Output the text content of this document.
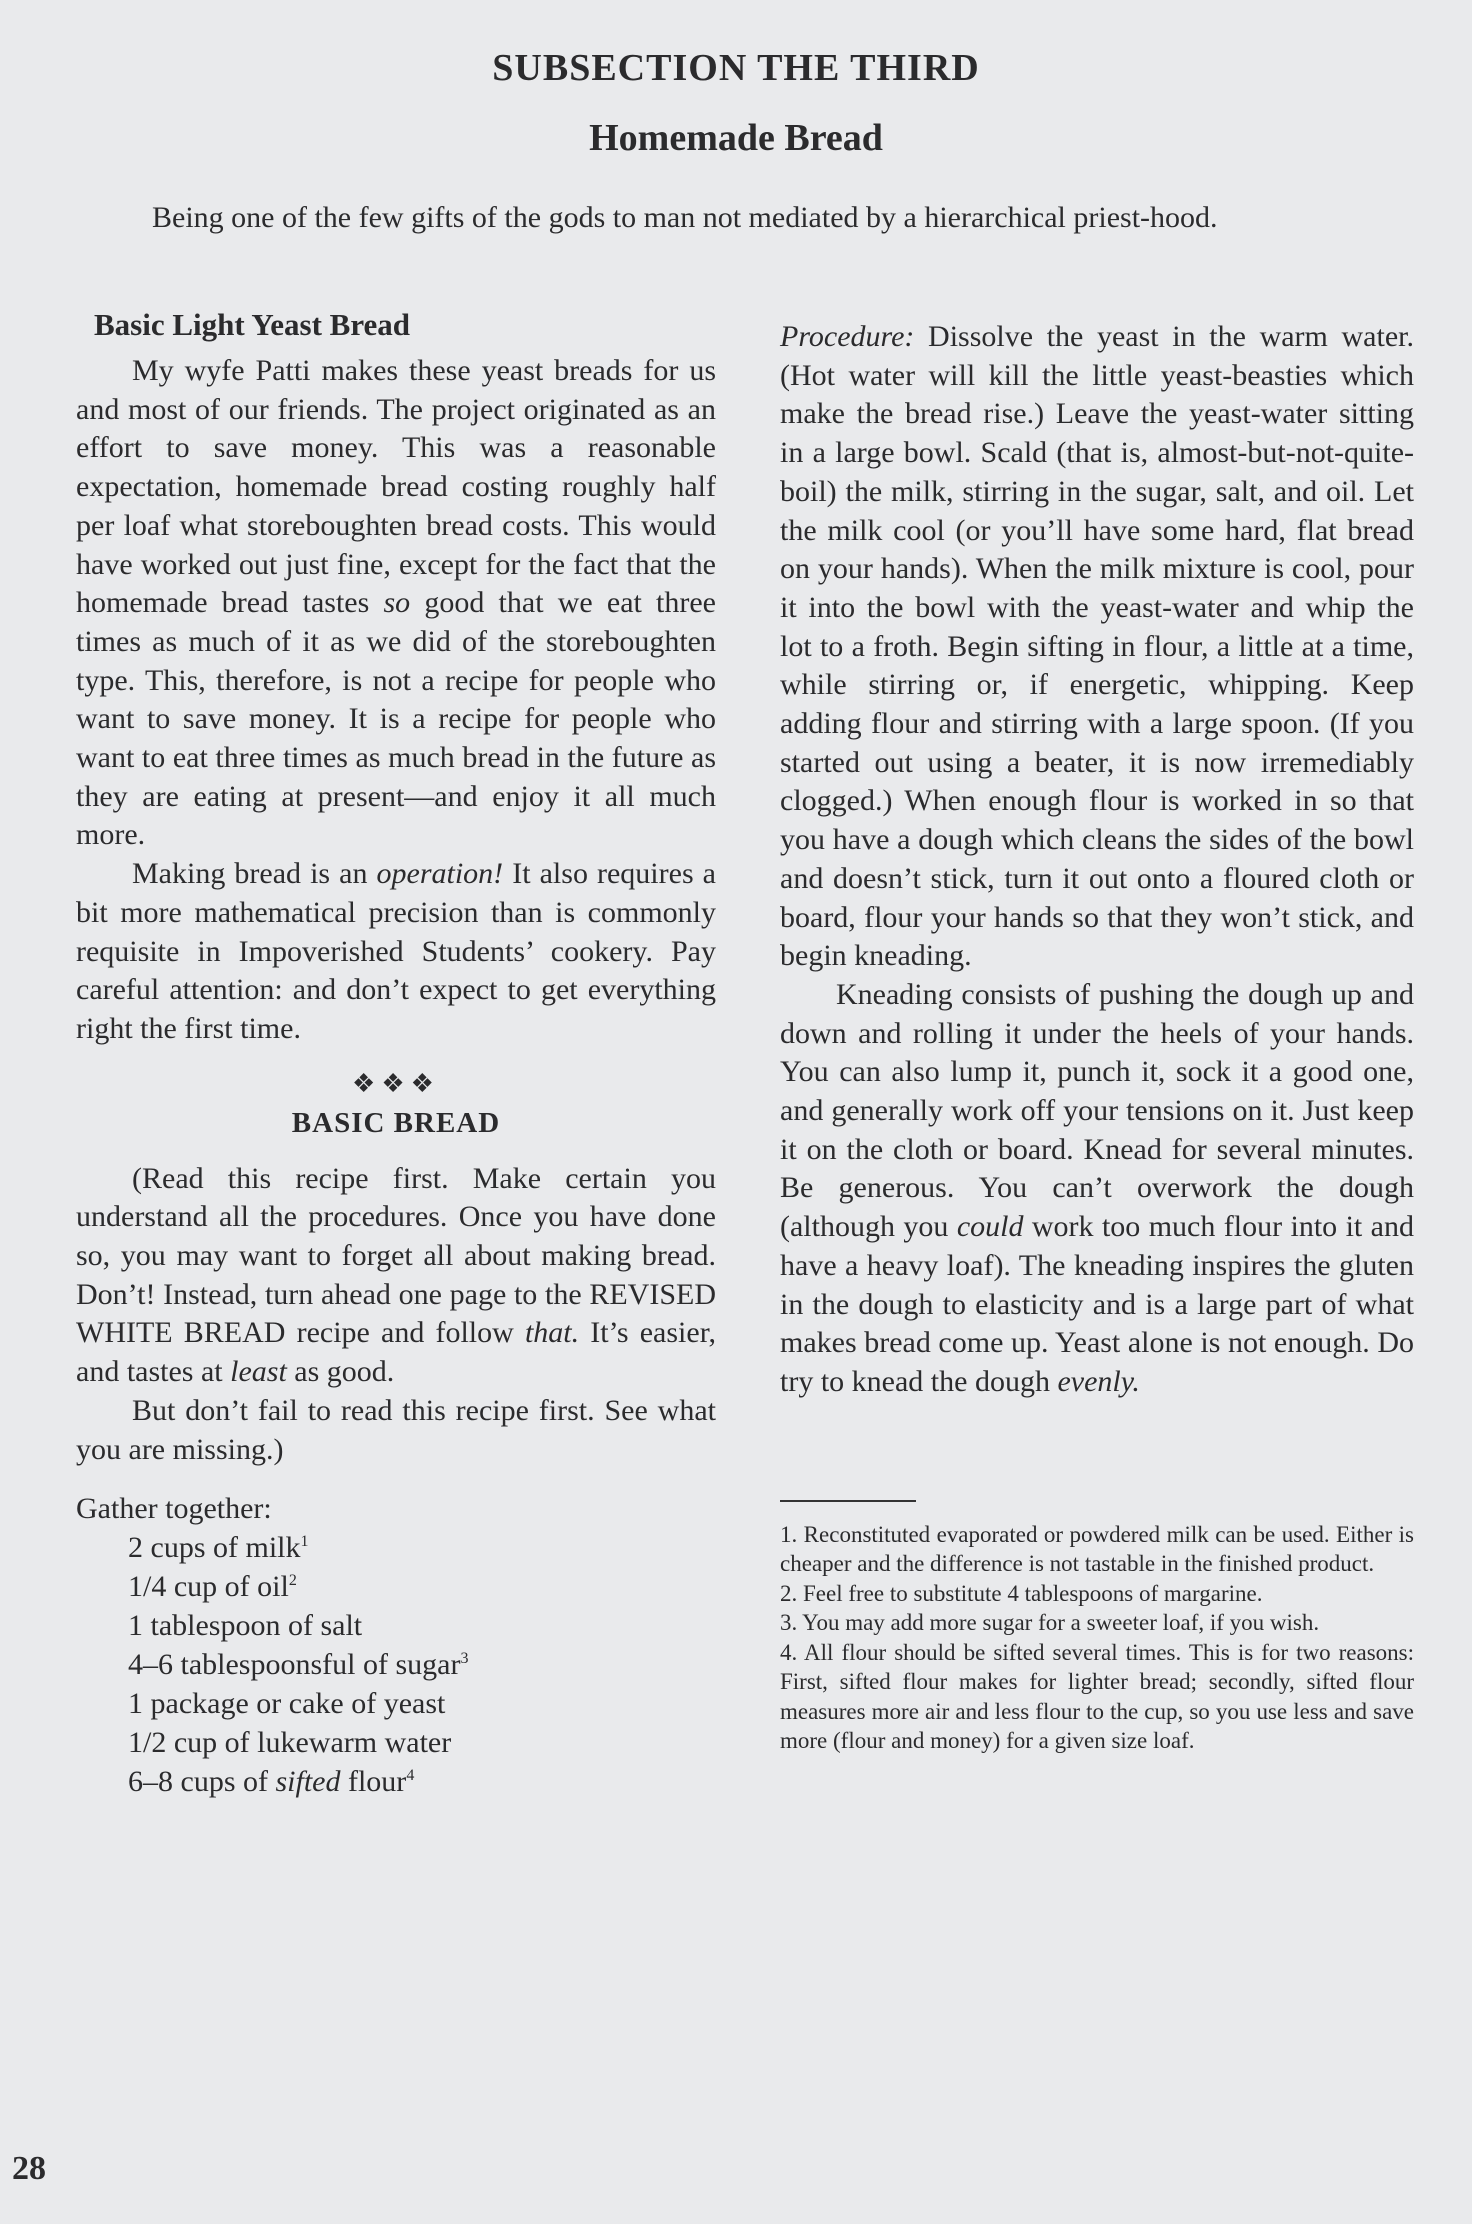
SUBSECTION THE THIRD
Homemade Bread

Being one of the few gifts of the gods to man not mediated by a hierarchical priest-hood.

Basic Light Yeast Bread

My wyfe Patti makes these yeast breads for us and most of our friends. The project originated as an effort to save money. This was a reasonable expectation, homemade bread costing roughly half per loaf what storeboughten bread costs. This would have worked out just fine, except for the fact that the homemade bread tastes so good that we eat three times as much of it as we did of the storeboughten type. This, therefore, is not a recipe for people who want to save money. It is a recipe for people who want to eat three times as much bread in the future as they are eating at present—and enjoy it all much more.

Making bread is an operation! It also requires a bit more mathematical precision than is commonly requisite in Impoverished Students’ cookery. Pay careful attention: and don’t expect to get everything right the first time.

❖❖❖
BASIC BREAD

(Read this recipe first. Make certain you understand all the procedures. Once you have done so, you may want to forget all about making bread. Don’t! Instead, turn ahead one page to the REVISED WHITE BREAD recipe and follow that. It’s easier, and tastes at least as good.

But don’t fail to read this recipe first. See what you are missing.)

Gather together:
2 cups of milk$^1$
1/4 cup of oil$^2$
1 tablespoon of salt
4–6 tablespoonsful of sugar$^3$
1 package or cake of yeast
1/2 cup of lukewarm water
6–8 cups of sifted flour$^4$

Procedure: Dissolve the yeast in the warm water. (Hot water will kill the little yeast-beasties which make the bread rise.) Leave the yeast-water sitting in a large bowl. Scald (that is, almost-but-not-quite-boil) the milk, stirring in the sugar, salt, and oil. Let the milk cool (or you’ll have some hard, flat bread on your hands). When the milk mixture is cool, pour it into the bowl with the yeast-water and whip the lot to a froth. Begin sifting in flour, a little at a time, while stirring or, if energetic, whipping. Keep adding flour and stirring with a large spoon. (If you started out using a beater, it is now irremediably clogged.) When enough flour is worked in so that you have a dough which cleans the sides of the bowl and doesn’t stick, turn it out onto a floured cloth or board, flour your hands so that they won’t stick, and begin kneading.

Kneading consists of pushing the dough up and down and rolling it under the heels of your hands. You can also lump it, punch it, sock it a good one, and generally work off your tensions on it. Just keep it on the cloth or board. Knead for several minutes. Be generous. You can’t overwork the dough (although you could work too much flour into it and have a heavy loaf). The kneading inspires the gluten in the dough to elasticity and is a large part of what makes bread come up. Yeast alone is not enough. Do try to knead the dough evenly.

1. Reconstituted evaporated or powdered milk can be used. Either is cheaper and the difference is not tastable in the finished product.
2. Feel free to substitute 4 tablespoons of margarine.
3. You may add more sugar for a sweeter loaf, if you wish.
4. All flour should be sifted several times. This is for two reasons: First, sifted flour makes for lighter bread; secondly, sifted flour measures more air and less flour to the cup, so you use less and save more (flour and money) for a given size loaf.
28
